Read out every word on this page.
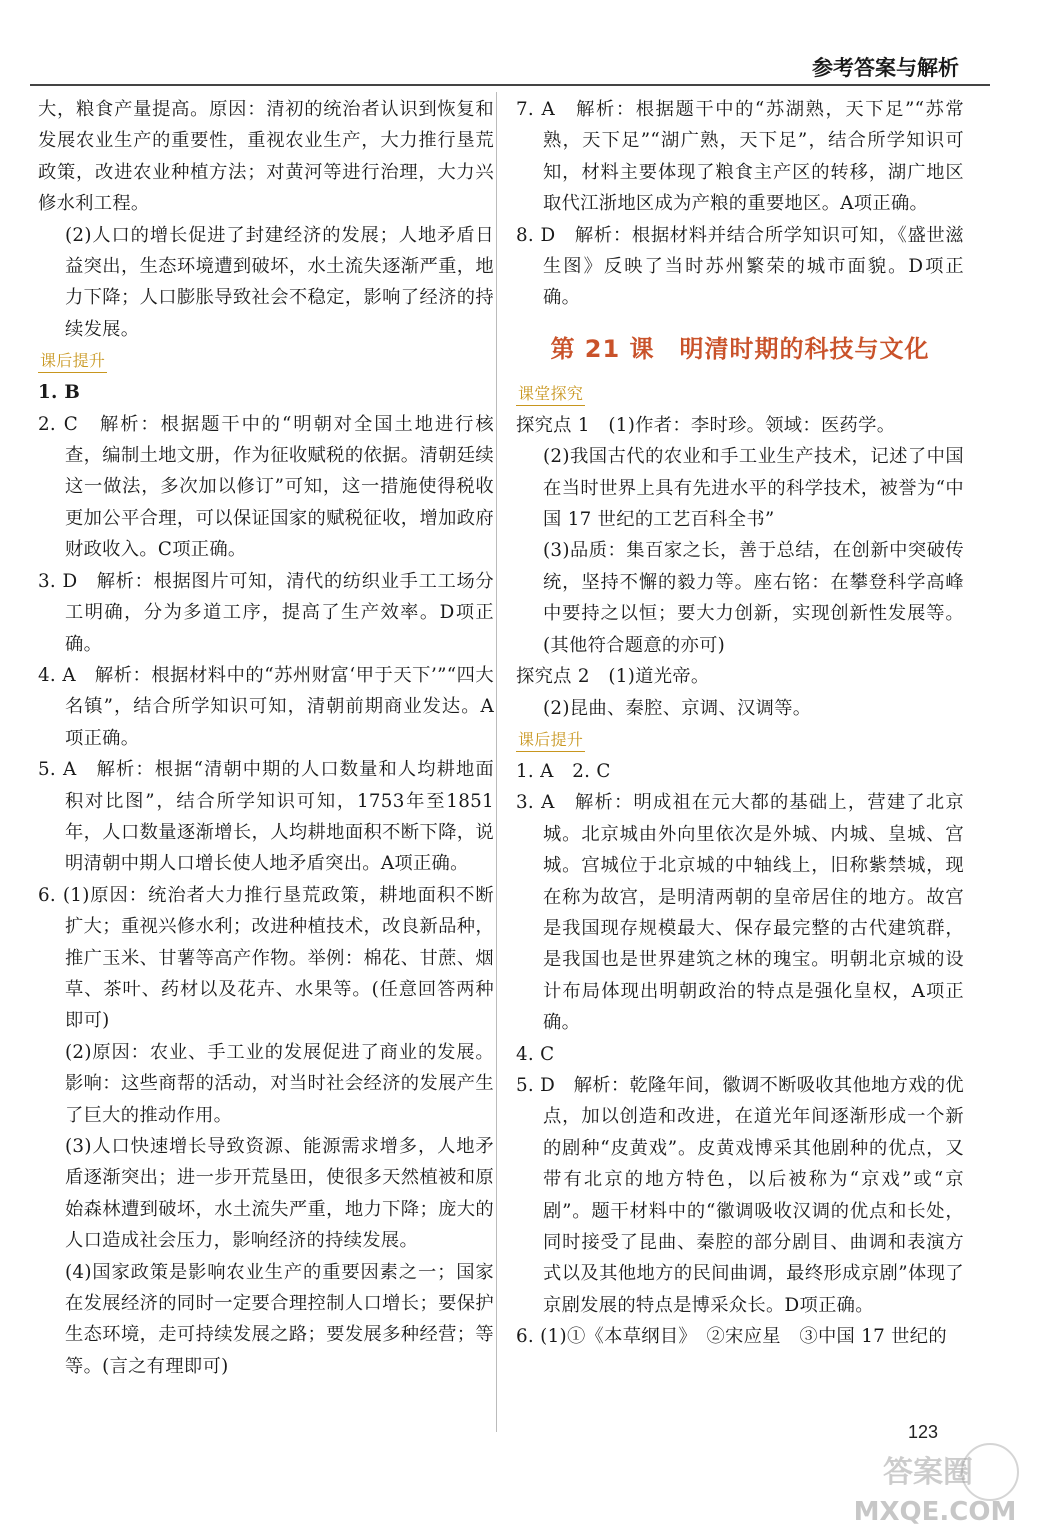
参考答案与解析

大，粮食产量提高。原因：清初的统治者认识到恢复和发展农业生产的重要性，重视农业生产，大力推行垦荒政策，改进农业种植方法；对黄河等进行治理，大力兴修水利工程。

(2)人口的增长促进了封建经济的发展；人地矛盾日益突出，生态环境遭到破坏，水土流失逐渐严重，地力下降；人口膨胀导致社会不稳定，影响了经济的持续发展。

课后提升

1. B

2. C　解析：根据题干中的“明朝对全国土地进行核查，编制土地文册，作为征收赋税的依据。清朝廷续这一做法，多次加以修订”可知，这一措施使得税收更加公平合理，可以保证国家的赋税征收，增加政府财政收入。C项正确。

3. D　解析：根据图片可知，清代的纺织业手工工场分工明确，分为多道工序，提高了生产效率。D项正确。

4. A　解析：根据材料中的“苏州财富‘甲于天下’”“四大名镇”，结合所学知识可知，清朝前期商业发达。A项正确。

5. A　解析：根据“清朝中期的人口数量和人均耕地面积对比图”，结合所学知识可知，1753年至1851年，人口数量逐渐增长，人均耕地面积不断下降，说明清朝中期人口增长使人地矛盾突出。A项正确。

6. (1)原因：统治者大力推行垦荒政策，耕地面积不断扩大；重视兴修水利；改进种植技术，改良新品种，推广玉米、甘薯等高产作物。举例：棉花、甘蔗、烟草、茶叶、药材以及花卉、水果等。(任意回答两种即可)

(2)原因：农业、手工业的发展促进了商业的发展。影响：这些商帮的活动，对当时社会经济的发展产生了巨大的推动作用。

(3)人口快速增长导致资源、能源需求增多，人地矛盾逐渐突出；进一步开荒垦田，使很多天然植被和原始森林遭到破坏，水土流失严重，地力下降；庞大的人口造成社会压力，影响经济的持续发展。

(4)国家政策是影响农业生产的重要因素之一；国家在发展经济的同时一定要合理控制人口增长；要保护生态环境，走可持续发展之路；要发展多种经营；等等。(言之有理即可)

7. A　解析：根据题干中的“苏湖熟，天下足”“苏常熟，天下足”“湖广熟，天下足”，结合所学知识可知，材料主要体现了粮食主产区的转移，湖广地区取代江浙地区成为产粮的重要地区。A项正确。

8. D　解析：根据材料并结合所学知识可知，《盛世滋生图》反映了当时苏州繁荣的城市面貌。D项正确。

第 21 课　明清时期的科技与文化
课堂探究

探究点 1　(1)作者：李时珍。领域：医药学。

(2)我国古代的农业和手工业生产技术，记述了中国在当时世界上具有先进水平的科学技术，被誉为“中国 17 世纪的工艺百科全书”

(3)品质：集百家之长，善于总结，在创新中突破传统，坚持不懈的毅力等。座右铭：在攀登科学高峰中要持之以恒；要大力创新，实现创新性发展等。(其他符合题意的亦可)

探究点 2　(1)道光帝。

(2)昆曲、秦腔、京调、汉调等。

课后提升

1. A　2. C

3. A　解析：明成祖在元大都的基础上，营建了北京城。北京城由外向里依次是外城、内城、皇城、宫城。宫城位于北京城的中轴线上，旧称紫禁城，现在称为故宫，是明清两朝的皇帝居住的地方。故宫是我国现存规模最大、保存最完整的古代建筑群，是我国也是世界建筑之林的瑰宝。明朝北京城的设计布局体现出明朝政治的特点是强化皇权，A项正确。

4. C

5. D　解析：乾隆年间，徽调不断吸收其他地方戏的优点，加以创造和改进，在道光年间逐渐形成一个新的剧种“皮黄戏”。皮黄戏博采其他剧种的优点，又带有北京的地方特色，以后被称为“京戏”或“京剧”。题干材料中的“徽调吸收汉调的优点和长处，同时接受了昆曲、秦腔的部分剧目、曲调和表演方式以及其他地方的民间曲调，最终形成京剧”体现了京剧发展的特点是博采众长。D项正确。

6. (1)①《本草纲目》　②宋应星　③中国 17 世纪的

123
答案圈
MXQE.COM
